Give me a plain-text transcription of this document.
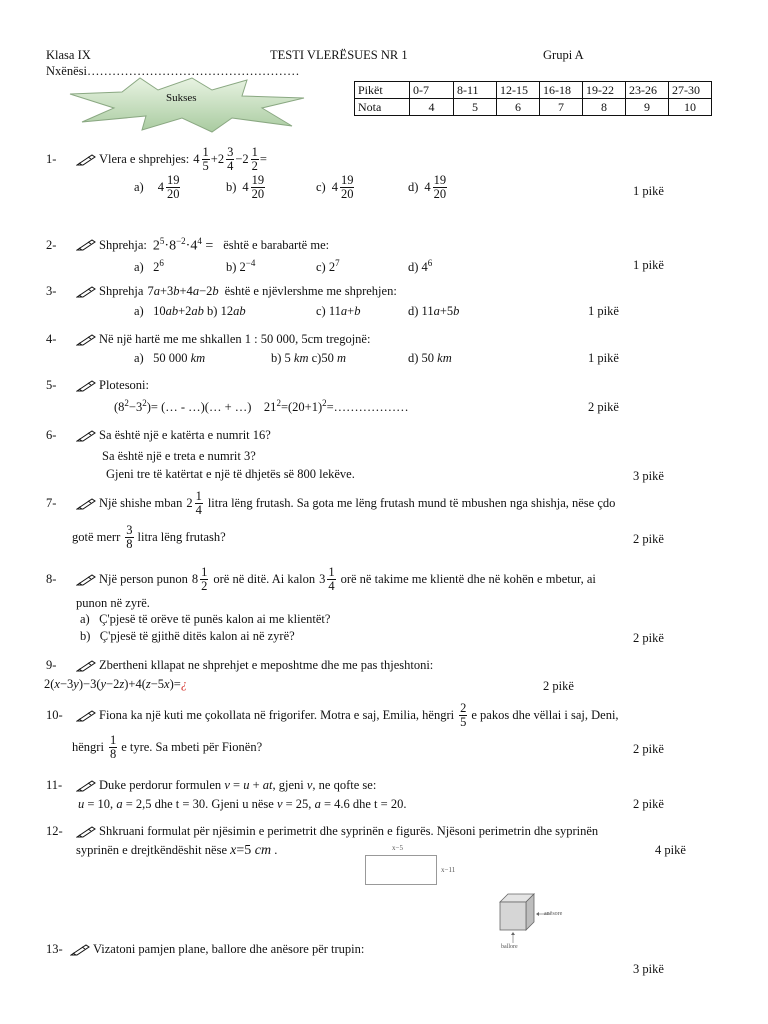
Klasa IX	TESTI VLERËSUES NR 1	Grupi A
Nxënësi……………………………………………
Sukses
Pikët	0-7	8-11	12-15	16-18	19-22	23-26	27-30
Nota	4	5	6	7	8	9	10
1-	Vlera e shprehjes: $4 \frac{1}{5} + 2 \frac{3}{4} - 2 \frac{1}{2}$ =
a) $4 \frac{19}{20}$	b) $4 \frac{19}{20}$	c) $4 \frac{19}{20}$	d) $4 \frac{19}{20}$	1 pikë
2-	Shprehja: $2^5\cdot 8^{-2}\cdot 4^4$ = është e barabartë me:
a)   $2^6$	b) $2^{-4}$	c) $2^7$	d) $4^6$	1 pikë
3-	Shprehja 7a+3b+4a−2b është e njëvlershme me shprehjen:
a)   10ab+2ab b) 12ab	c) 11a+b	d) 11a+5b	1 pikë
4-	Në një hartë me me shkallen 1 : 50 000, 5cm tregojnë:
a)   50 000 km	b) 5 km c)50 m	d) 50 km	1 pikë
5-	Plotesoni:
$(8^2-3^2)=$ (… - …)(… + …)    $21^2=(20+1)^2=\dots\dots\dots\dots\dots\dots$	2 pikë
6-	Sa është një e katërta e numrit 16?
Sa është një e treta e numrit 3?
Gjeni tre të katërtat e një të dhjetës së 800 lekëve.	3 pikë
7-	Një shishe mban $2 \frac{1}{4}$ litra lëng frutash. Sa gota me lëng frutash mund të mbushen nga shishja, nëse çdo
gotë merr $\frac{3}{8}$ litra lëng frutash?	2 pikë
8-	Një person punon $8 \frac{1}{2}$ orë në ditë. Ai kalon $3 \frac{1}{4}$ orë në takime me klientë dhe në kohën e mbetur, ai
punon në zyrë.
a)   Ç'pjesë të orëve të punës kalon ai me klientët?
b)   Ç'pjesë të gjithë ditës kalon ai në zyrë?	2 pikë
9-	Zbertheni kllapat ne shprehjet e meposhtme dhe me pas thjeshtoni:
2(x−3y)−3(y−2z)+4(z−5x)=¿	2 pikë
10-	Fiona ka një kuti me çokollata në frigorifer. Motra e saj, Emilia, hëngri $\frac{2}{5}$ e pakos dhe vëllai i saj, Deni,
hëngri $\frac{1}{8}$ e tyre. Sa mbeti për Fionën?	2 pikë
11-	Duke perdorur formulen
v = u + at , gjeni
v , ne qofte se:
u = 10, a = 2,5 dhe t = 30. Gjeni u nëse v = 25, a = 4.6 dhe t = 20.	2 pikë
12-	Shkruani formulat për njësimin e perimetrit dhe syprinën e figurës. Njësoni perimetrin dhe syprinën
syprinën e drejtkëndëshit nëse x=5 cm .	4 pikë
x−5
x−11
anësore
ballore
13-	Vizatoni pamjen plane, ballore dhe anësore për trupin:
3 pikë
